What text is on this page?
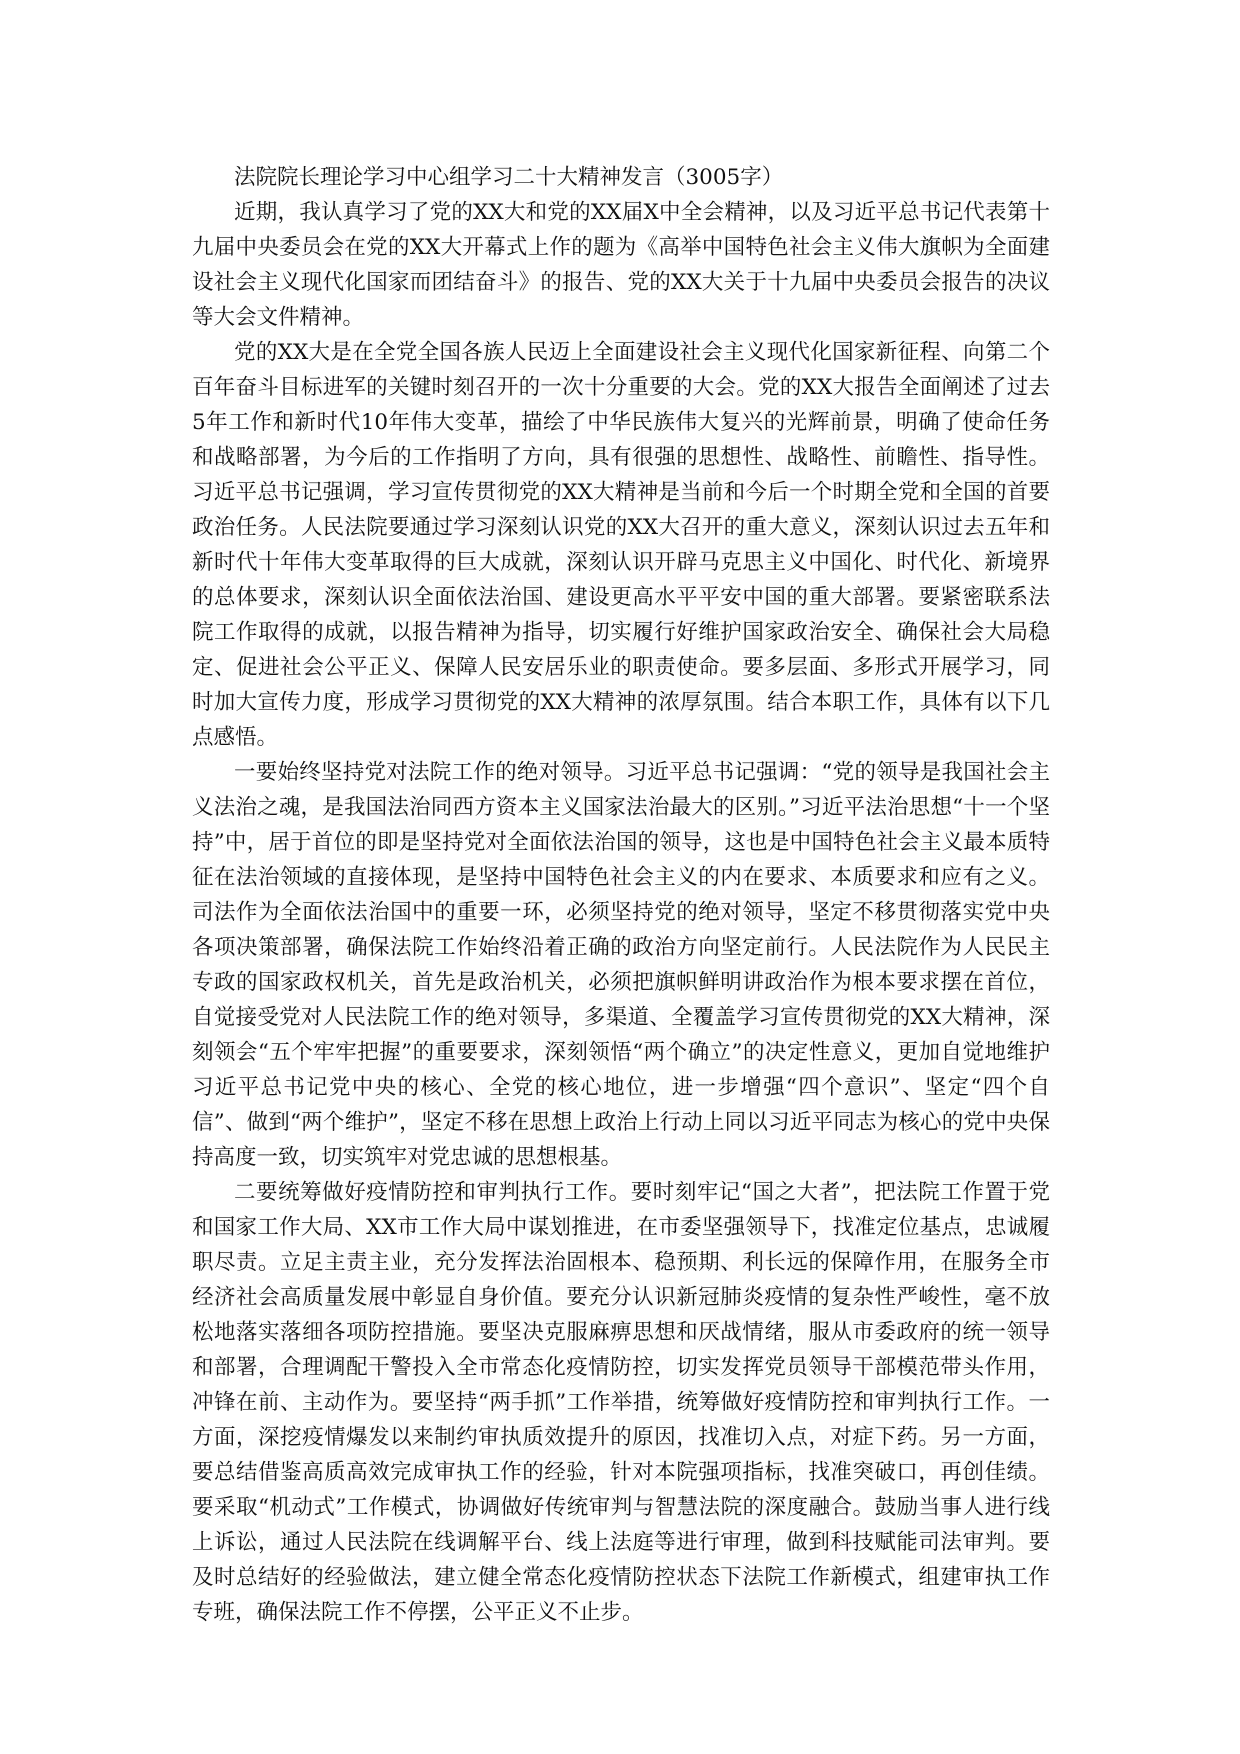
法院院长理论学习中心组学习二十大精神发言（3005字）

近期，我认真学习了党的XX大和党的XX届X中全会精神，以及习近平总书记代表第十九届中央委员会在党的XX大开幕式上作的题为《高举中国特色社会主义伟大旗帜为全面建设社会主义现代化国家而团结奋斗》的报告、党的XX大关于十九届中央委员会报告的决议等大会文件精神。

党的XX大是在全党全国各族人民迈上全面建设社会主义现代化国家新征程、向第二个百年奋斗目标进军的关键时刻召开的一次十分重要的大会。党的XX大报告全面阐述了过去5年工作和新时代10年伟大变革，描绘了中华民族伟大复兴的光辉前景，明确了使命任务和战略部署，为今后的工作指明了方向，具有很强的思想性、战略性、前瞻性、指导性。习近平总书记强调，学习宣传贯彻党的XX大精神是当前和今后一个时期全党和全国的首要政治任务。人民法院要通过学习深刻认识党的XX大召开的重大意义，深刻认识过去五年和新时代十年伟大变革取得的巨大成就，深刻认识开辟马克思主义中国化、时代化、新境界的总体要求，深刻认识全面依法治国、建设更高水平平安中国的重大部署。要紧密联系法院工作取得的成就，以报告精神为指导，切实履行好维护国家政治安全、确保社会大局稳定、促进社会公平正义、保障人民安居乐业的职责使命。要多层面、多形式开展学习，同时加大宣传力度，形成学习贯彻党的XX大精神的浓厚氛围。结合本职工作，具体有以下几点感悟。

一要始终坚持党对法院工作的绝对领导。习近平总书记强调：“党的领导是我国社会主义法治之魂，是我国法治同西方资本主义国家法治最大的区别。”习近平法治思想“十一个坚持”中，居于首位的即是坚持党对全面依法治国的领导，这也是中国特色社会主义最本质特征在法治领域的直接体现，是坚持中国特色社会主义的内在要求、本质要求和应有之义。司法作为全面依法治国中的重要一环，必须坚持党的绝对领导，坚定不移贯彻落实党中央各项决策部署，确保法院工作始终沿着正确的政治方向坚定前行。人民法院作为人民民主专政的国家政权机关，首先是政治机关，必须把旗帜鲜明讲政治作为根本要求摆在首位，自觉接受党对人民法院工作的绝对领导，多渠道、全覆盖学习宣传贯彻党的XX大精神，深刻领会“五个牢牢把握”的重要要求，深刻领悟“两个确立”的决定性意义，更加自觉地维护习近平总书记党中央的核心、全党的核心地位，进一步增强“四个意识”、坚定“四个自信”、做到“两个维护”，坚定不移在思想上政治上行动上同以习近平同志为核心的党中央保持高度一致，切实筑牢对党忠诚的思想根基。

二要统筹做好疫情防控和审判执行工作。要时刻牢记“国之大者”，把法院工作置于党和国家工作大局、XX市工作大局中谋划推进，在市委坚强领导下，找准定位基点，忠诚履职尽责。立足主责主业，充分发挥法治固根本、稳预期、利长远的保障作用，在服务全市经济社会高质量发展中彰显自身价值。要充分认识新冠肺炎疫情的复杂性严峻性，毫不放松地落实落细各项防控措施。要坚决克服麻痹思想和厌战情绪，服从市委政府的统一领导和部署，合理调配干警投入全市常态化疫情防控，切实发挥党员领导干部模范带头作用，冲锋在前、主动作为。要坚持“两手抓”工作举措，统筹做好疫情防控和审判执行工作。一方面，深挖疫情爆发以来制约审执质效提升的原因，找准切入点，对症下药。另一方面，要总结借鉴高质高效完成审执工作的经验，针对本院强项指标，找准突破口，再创佳绩。要采取“机动式”工作模式，协调做好传统审判与智慧法院的深度融合。鼓励当事人进行线上诉讼，通过人民法院在线调解平台、线上法庭等进行审理，做到科技赋能司法审判。要及时总结好的经验做法，建立健全常态化疫情防控状态下法院工作新模式，组建审执工作专班，确保法院工作不停摆，公平正义不止步。
